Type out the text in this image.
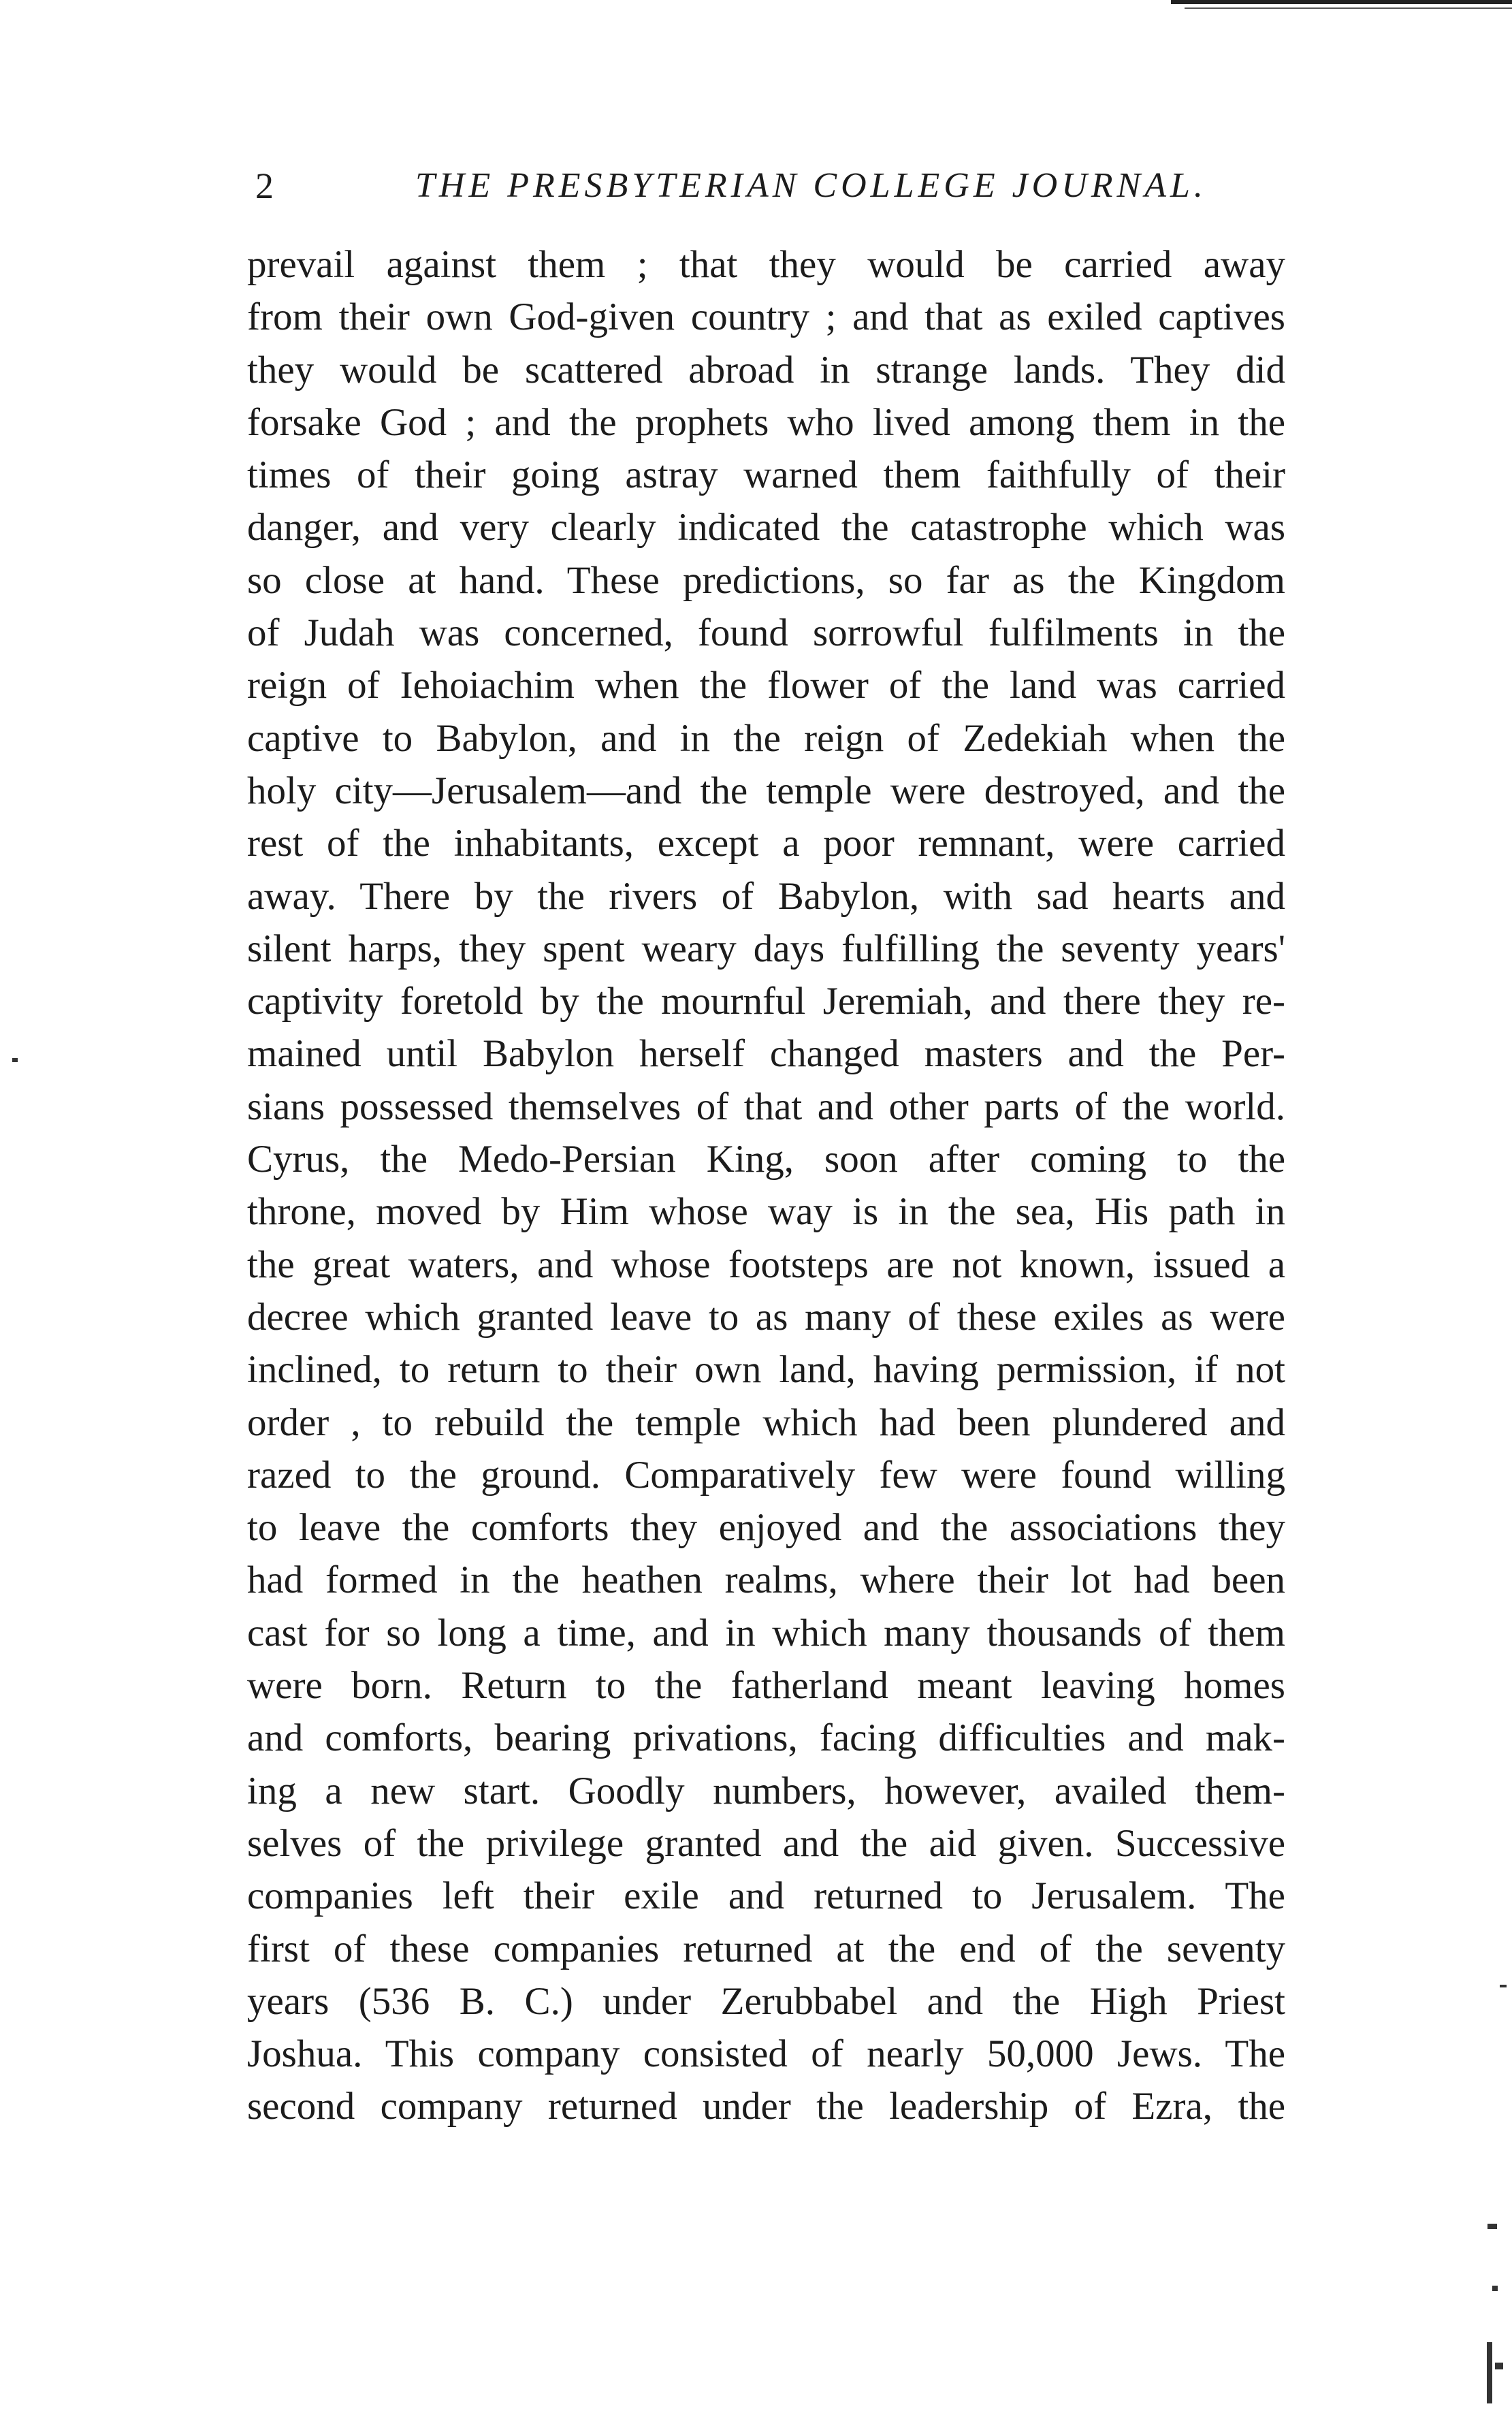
2	THE PRESBYTERIAN COLLEGE JOURNAL.
prevail against them ; that they would be carried away
from their own God-given country ; and that as exiled captives
they would be scattered abroad in strange lands. They did
forsake God ; and the prophets who lived among them in the
times of their going astray warned them faithfully of their
danger, and very clearly indicated the catastrophe which was
so close at hand. These predictions, so far as the Kingdom
of Judah was concerned, found sorrowful fulfilments in the
reign of Iehoiachim when the flower of the land was carried
captive to Babylon, and in the reign of Zedekiah when the
holy city—Jerusalem—and the temple were destroyed, and the
rest of the inhabitants, except a poor remnant, were carried
away. There by the rivers of Babylon, with sad hearts and
silent harps, they spent weary days fulfilling the seventy years'
captivity foretold by the mournful Jeremiah, and there they re-
mained until Babylon herself changed masters and the Per-
sians possessed themselves of that and other parts of the world.
Cyrus, the Medo-Persian King, soon after coming to the
throne, moved by Him whose way is in the sea, His path in
the great waters, and whose footsteps are not known, issued a
decree which granted leave to as many of these exiles as were
inclined, to return to their own land, having permission, if not
order , to rebuild the temple which had been plundered and
razed to the ground. Comparatively few were found willing
to leave the comforts they enjoyed and the associations they
had formed in the heathen realms, where their lot had been
cast for so long a time, and in which many thousands of them
were born. Return to the fatherland meant leaving homes
and comforts, bearing privations, facing difficulties and mak-
ing a new start. Goodly numbers, however, availed them-
selves of the privilege granted and the aid given. Successive
companies left their exile and returned to Jerusalem. The
first of these companies returned at the end of the seventy
years (536 B. C.) under Zerubbabel and the High Priest
Joshua. This company consisted of nearly 50,000 Jews. The
second company returned under the leadership of Ezra, the
